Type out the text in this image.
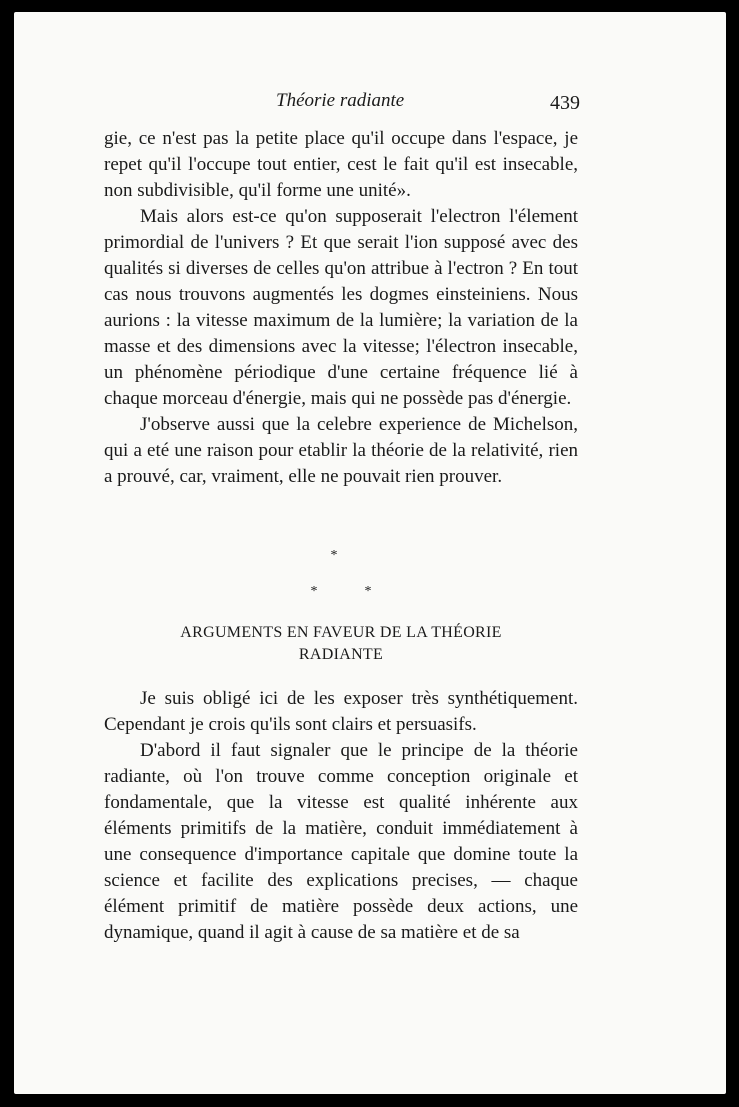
Théorie radiante	439

gie, ce n'est pas la petite place qu'il occupe dans l'espace, je repet qu'il l'occupe tout entier, cest le fait qu'il est insecable, non subdivisible, qu'il forme une unité».

Mais alors est-ce qu'on supposerait l'electron l'élement primordial de l'univers ? Et que serait l'ion supposé avec des qualités si diverses de celles qu'on attribue à l'ectron ? En tout cas nous trouvons augmentés les dogmes einsteiniens. Nous aurions : la vitesse maximum de la lumière; la variation de la masse et des dimensions avec la vitesse; l'électron insecable, un phénomène périodique d'une certaine fréquence lié à chaque morceau d'énergie, mais qui ne possède pas d'énergie.

J'observe aussi que la celebre experience de Michelson, qui a eté une raison pour etablir la théorie de la relativité, rien a prouvé, car, vraiment, elle ne pouvait rien prouver.

*
*	*
ARGUMENTS EN FAVEUR DE LA THÉORIE
RADIANTE

Je suis obligé ici de les exposer très synthétiquement. Cependant je crois qu'ils sont clairs et persuasifs.

D'abord il faut signaler que le principe de la théorie radiante, où l'on trouve comme conception originale et fondamentale, que la vitesse est qualité inhérente aux éléments primitifs de la matière, conduit immédiatement à une consequence d'importance capitale que domine toute la science et facilite des explications precises, — chaque élément primitif de matière possède deux actions, une dynamique, quand il agit à cause de sa matière et de sa
